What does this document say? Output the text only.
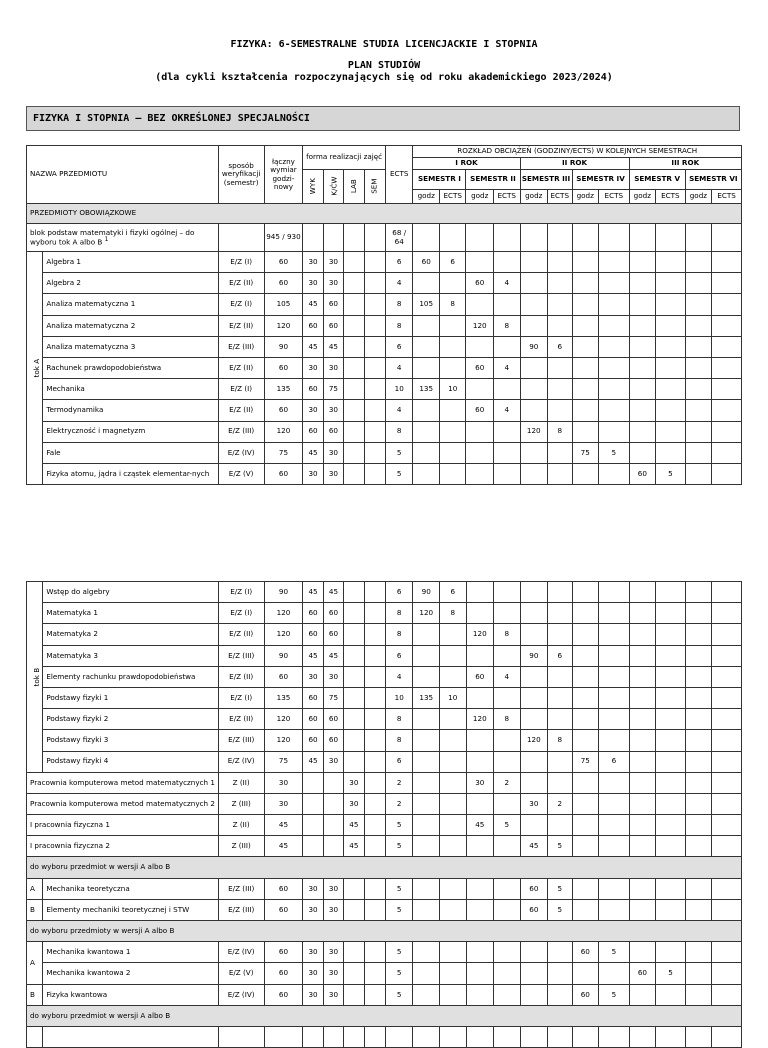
FIZYKA: 6-SEMESTRALNE STUDIA LICENCJACKIE I STOPNIA
PLAN STUDIÓW
(dla cykli kształcenia rozpoczynających się od roku akademickiego 2023/2024)
FIZYKA I STOPNIA – BEZ OKREŚLONEJ SPECJALNOŚCI
NAZWA PRZEDMIOTU		sposób weryfikacji (semestr)	łączny wymiar godzi-nowy	forma realizacji zajęć				ECTS	ROZKŁAD OBCIĄŻEŃ (GODZINY/ECTS) W KOLEJNYCH SEMESTRACH											
									I ROK				II ROK				III ROK			
				WYK	K/ĆW	LAB	SEM		SEMESTR I		SEMESTR II		SEMESTR III		SEMESTR IV		SEMESTR V		SEMESTR VI	
									godz	ECTS	godz	ECTS	godz	ECTS	godz	ECTS	godz	ECTS	godz	ECTS
PRZEDMIOTY OBOWIĄZKOWE																				
blok podstaw matematyki i fizyki ogólnej – do wyboru tok A albo B $^1$			945 / 930					68 / 64												
tok A	Algebra 1	E/Z (I)	60	30	30			6	60	6										
	Algebra 2	E/Z (II)	60	30	30			4			60	4								
	Analiza matematyczna 1	E/Z (I)	105	45	60			8	105	8										
	Analiza matematyczna 2	E/Z (II)	120	60	60			8			120	8								
	Analiza matematyczna 3	E/Z (III)	90	45	45			6					90	6						
	Rachunek prawdopodobieństwa	E/Z (II)	60	30	30			4			60	4								
	Mechanika	E/Z (I)	135	60	75			10	135	10										
	Termodynamika	E/Z (II)	60	30	30			4			60	4								
	Elektryczność i magnetyzm	E/Z (III)	120	60	60			8					120	8						
	Fale	E/Z (IV)	75	45	30			5							75	5				
	Fizyka atomu, jądra i cząstek elementar-nych	E/Z (V)	60	30	30			5									60	5		
tok B	Wstęp do algebry	E/Z (I)	90	45	45			6	90	6										
	Matematyka 1	E/Z (I)	120	60	60			8	120	8										
	Matematyka 2	E/Z (II)	120	60	60			8			120	8								
	Matematyka 3	E/Z (III)	90	45	45			6					90	6						
	Elementy rachunku prawdopodobieństwa	E/Z (II)	60	30	30			4			60	4								
	Podstawy fizyki 1	E/Z (I)	135	60	75			10	135	10										
	Podstawy fizyki 2	E/Z (II)	120	60	60			8			120	8								
	Podstawy fizyki 3	E/Z (III)	120	60	60			8					120	8						
	Podstawy fizyki 4	E/Z (IV)	75	45	30			6							75	6				
Pracownia komputerowa metod matematycznych 1		Z (II)	30			30		2			30	2								
Pracownia komputerowa metod matematycznych 2		Z (III)	30			30		2					30	2						
I pracownia fizyczna 1		Z (II)	45			45		5			45	5								
I pracownia fizyczna 2		Z (III)	45			45		5					45	5						
do wyboru przedmiot w wersji A albo B																				
A	Mechanika teoretyczna	E/Z (III)	60	30	30			5					60	5						
B	Elementy mechaniki teoretycznej i STW	E/Z (III)	60	30	30			5					60	5						
do wyboru przedmioty w wersji A albo B																				
A	Mechanika kwantowa 1	E/Z (IV)	60	30	30			5							60	5				
	Mechanika kwantowa 2	E/Z (V)	60	30	30			5									60	5		
B	Fizyka kwantowa	E/Z (IV)	60	30	30			5							60	5				
do wyboru przedmiot w wersji A albo B																				
